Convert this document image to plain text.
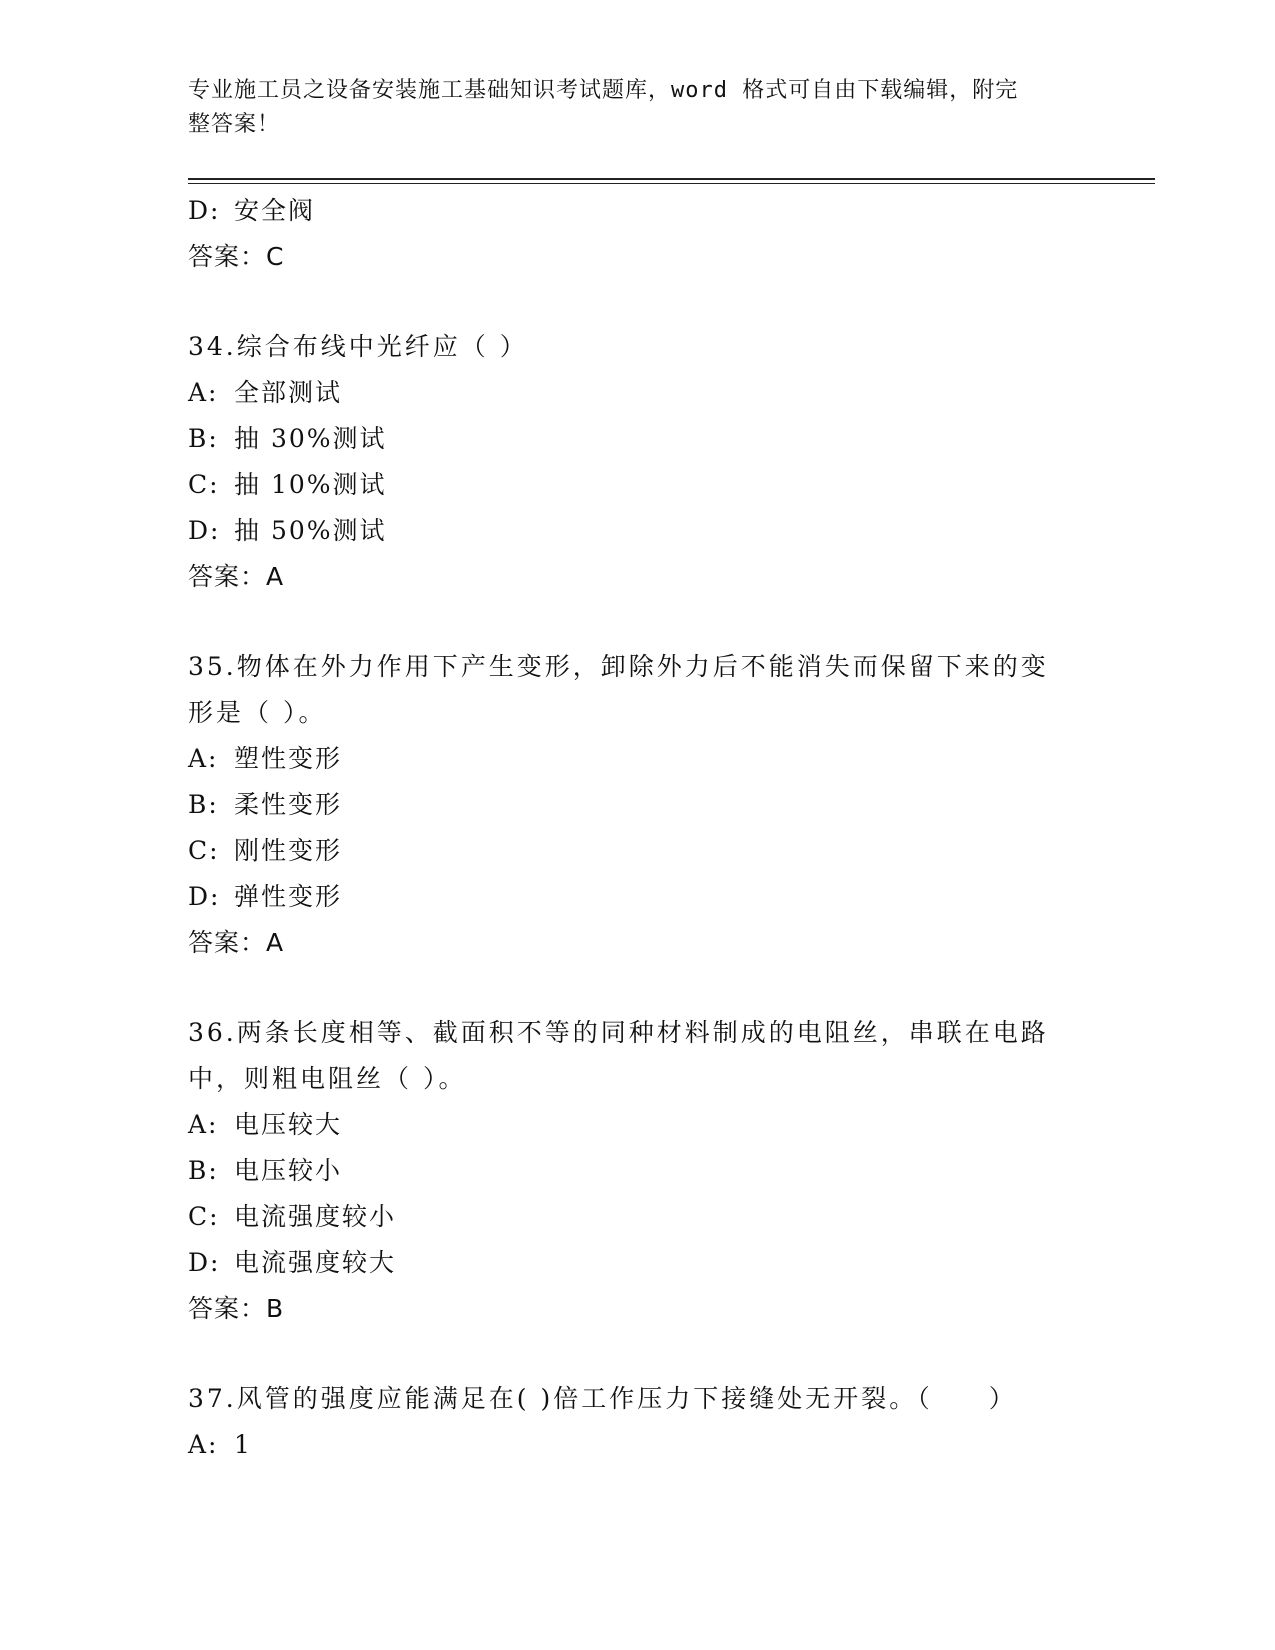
专业施工员之设备安装施工基础知识考试题库，word 格式可自由下载编辑，附完
整答案！
D: 安全阀
答案：C
34.综合布线中光纤应（ ）
A: 全部测试
B: 抽 30%测试
C: 抽 10%测试
D: 抽 50%测试
答案：A
35.物体在外力作用下产生变形，卸除外力后不能消失而保留下来的变
形是（ ）。
A: 塑性变形
B: 柔性变形
C: 刚性变形
D: 弹性变形
答案：A
36.两条长度相等、截面积不等的同种材料制成的电阻丝，串联在电路
中，则粗电阻丝（ ）。
A: 电压较大
B: 电压较小
C: 电流强度较小
D: 电流强度较大
答案：B
37.风管的强度应能满足在( )倍工作压力下接缝处无开裂。（　　）
A: 1
